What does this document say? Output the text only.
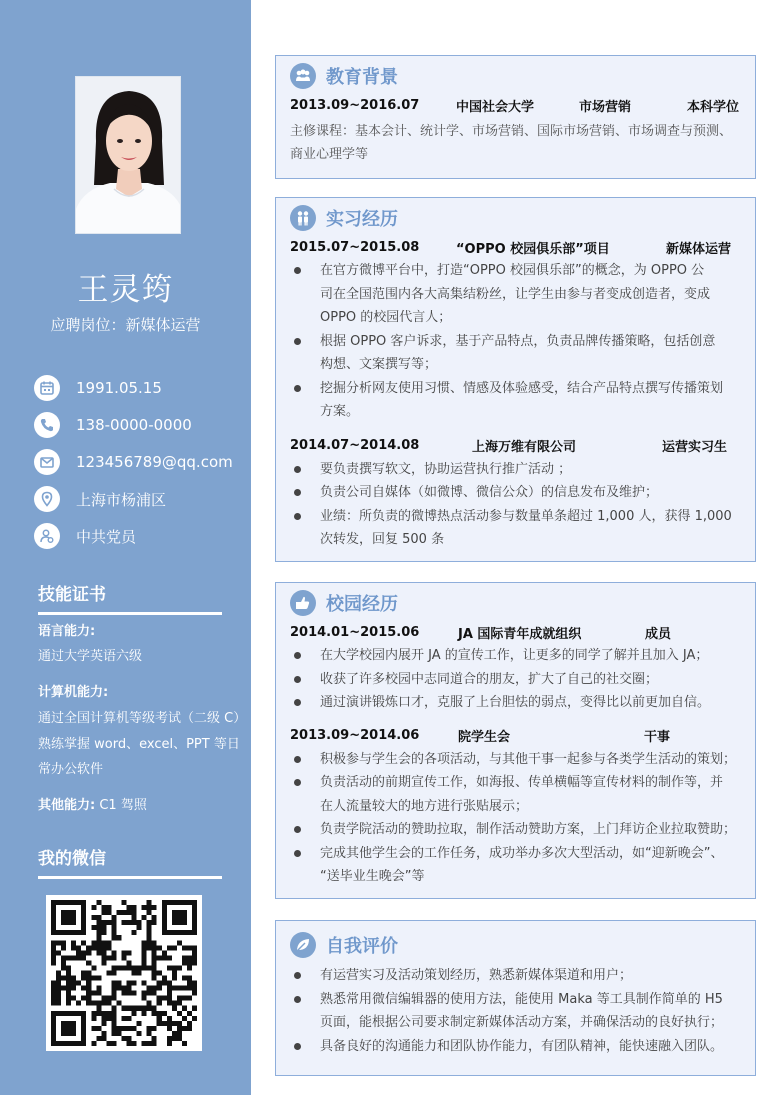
王灵筠
应聘岗位：新媒体运营
1991.05.15
138-0000-0000
123456789@qq.com
上海市杨浦区
中共党员
技能证书
语言能力:
通过大学英语六级
计算机能力:
通过全国计算机等级考试（二级 C）
熟练掌握 word、excel、PPT 等日
常办公软件
其他能力: C1 驾照
我的微信
教育背景
2013.09~2016.07	中国社会大学	市场营销	本科学位
主修课程：基本会计、统计学、市场营销、国际市场营销、市场调查与预测、
商业心理学等
实习经历
2015.07~2015.08	“OPPO 校园俱乐部”项目	新媒体运营
在官方微博平台中，打造“OPPO 校园俱乐部”的概念，为 OPPO 公
司在全国范围内各大高集结粉丝，让学生由参与者变成创造者，变成
OPPO 的校园代言人；
根据 OPPO 客户诉求，基于产品特点，负责品牌传播策略，包括创意
构想、文案撰写等；
挖掘分析网友使用习惯、情感及体验感受，结合产品特点撰写传播策划
方案。
2014.07~2014.08	上海万维有限公司	运营实习生
要负责撰写软文，协助运营执行推广活动 ；
负责公司自媒体（如微博、微信公众）的信息发布及维护；
业绩：所负责的微博热点活动参与数量单条超过 1,000 人，获得 1,000
次转发，回复 500 条
校园经历
2014.01~2015.06	JA 国际青年成就组织	成员
在大学校园内展开 JA 的宣传工作，让更多的同学了解并且加入 JA；
收获了许多校园中志同道合的朋友，扩大了自己的社交圈；
通过演讲锻炼口才，克服了上台胆怯的弱点，变得比以前更加自信。
2013.09~2014.06	院学生会	干事
积极参与学生会的各项活动，与其他干事一起参与各类学生活动的策划；
负责活动的前期宣传工作，如海报、传单横幅等宣传材料的制作等，并
在人流量较大的地方进行张贴展示；
负责学院活动的赞助拉取，制作活动赞助方案，上门拜访企业拉取赞助；
完成其他学生会的工作任务，成功举办多次大型活动，如“迎新晚会”、
“送毕业生晚会”等
自我评价
有运营实习及活动策划经历，熟悉新媒体渠道和用户；
熟悉常用微信编辑器的使用方法，能使用 Maka 等工具制作简单的 H5
页面，能根据公司要求制定新媒体活动方案，并确保活动的良好执行；
具备良好的沟通能力和团队协作能力，有团队精神，能快速融入团队。
